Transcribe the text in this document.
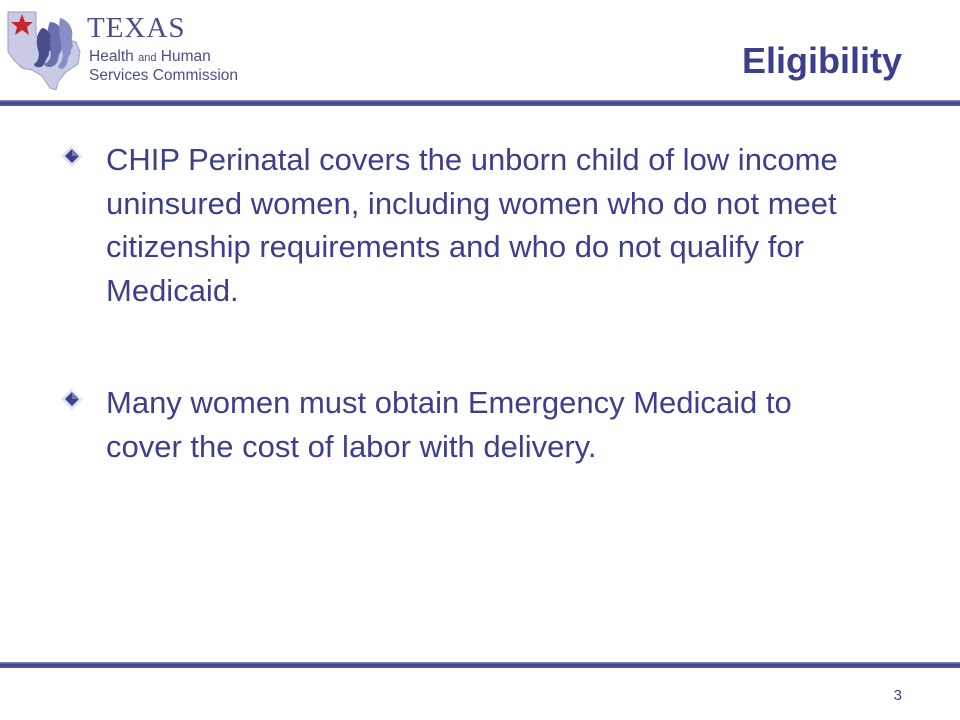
TEXAS
Health and Human
Services Commission	Eligibility
CHIP Perinatal covers the unborn child of low income uninsured women, including women who do not meet citizenship requirements and who do not qualify for Medicaid.
Many women must obtain Emergency Medicaid to cover the cost of labor with delivery.
3
